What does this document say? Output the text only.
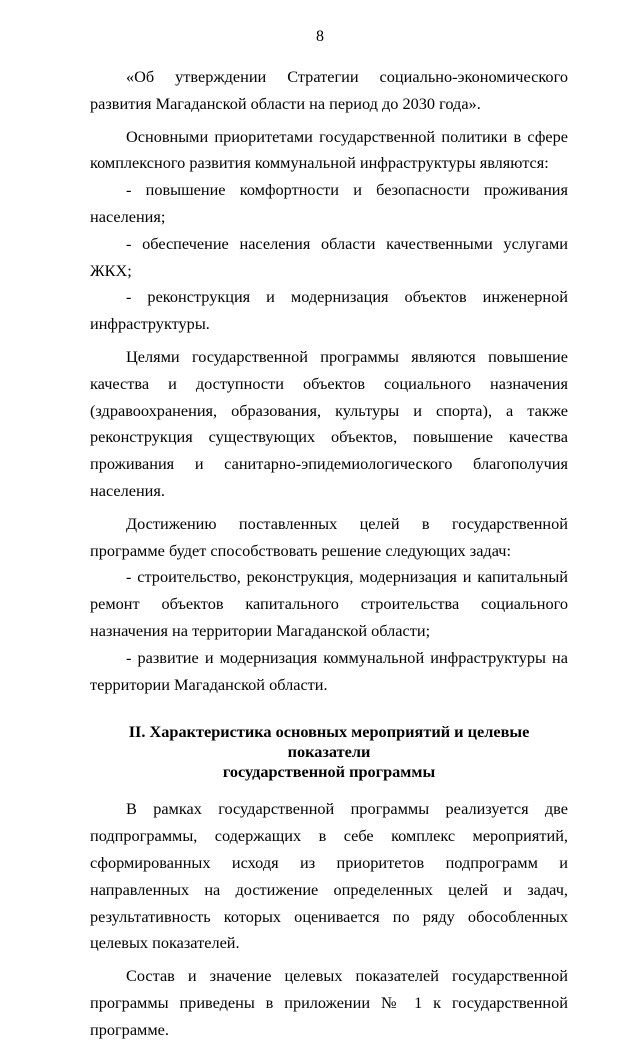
8

«Об утверждении Стратегии социально-экономического развития Магаданской области на период до 2030 года».

Основными приоритетами государственной политики в сфере комплексного развития коммунальной инфраструктуры являются:

- повышение комфортности и безопасности проживания населения;

- обеспечение населения области качественными услугами ЖКХ;

- реконструкция и модернизация объектов инженерной инфраструктуры.

Целями государственной программы являются повышение качества и доступности объектов социального назначения (здравоохранения, образования, культуры и спорта), а также реконструкция существующих объектов, повышение качества проживания и санитарно-эпидемиологического благополучия населения.

Достижению поставленных целей в государственной программе будет способствовать решение следующих задач:

- строительство, реконструкция, модернизация и капитальный ремонт объектов капитального строительства социального назначения на территории Магаданской области;

- развитие и модернизация коммунальной инфраструктуры на территории Магаданской области.

II. Характеристика основных мероприятий и целевые показатели
государственной программы

В рамках государственной программы реализуется две подпрограммы, содержащих в себе комплекс мероприятий, сформированных исходя из приоритетов подпрограмм и направленных на достижение определенных целей и задач, результативность которых оценивается по ряду обособленных целевых показателей.

Состав и значение целевых показателей государственной программы приведены в приложении № 1 к государственной программе.
